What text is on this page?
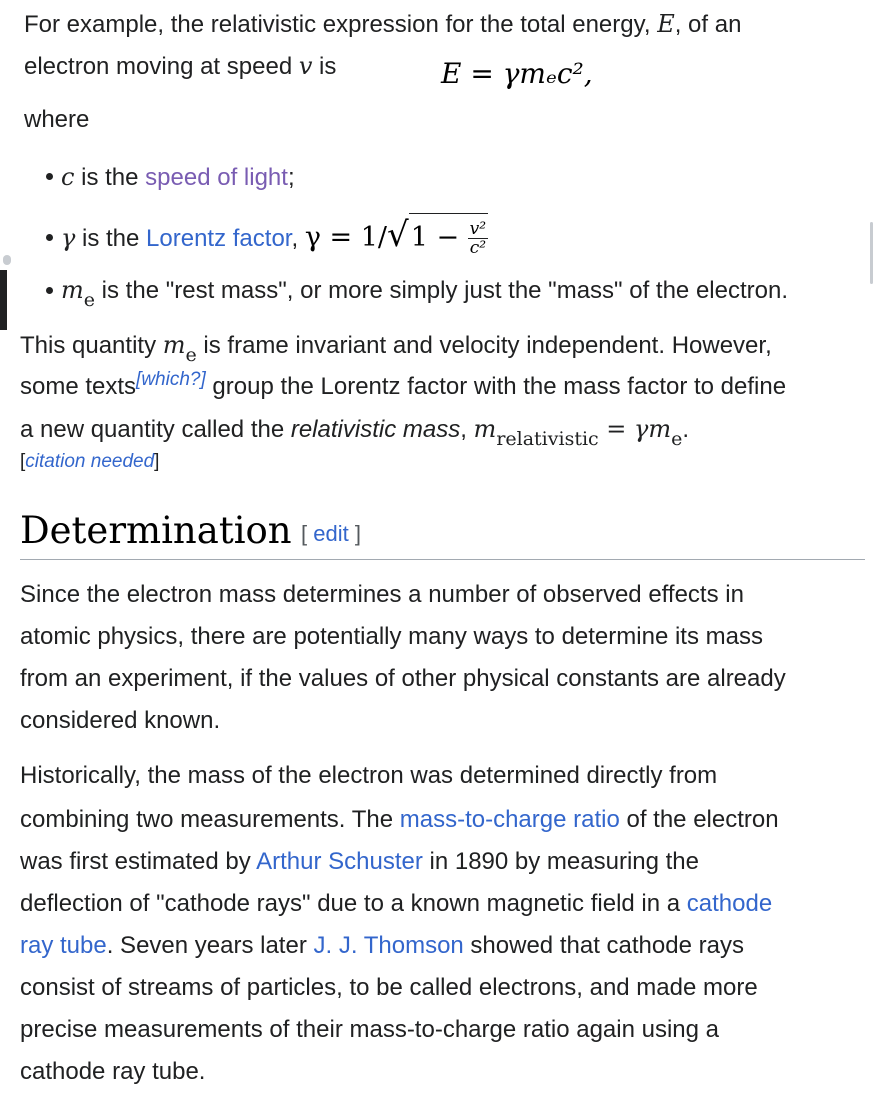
For example, the relativistic expression for the total energy, E, of an
electron moving at speed v is	E = γmₑc²,
where
c is the speed of light;
γ is the Lorentz factor, $\gamma = 1/√1 - \frac{\text{v²}}{\text{c²}}$
$m_e$ is the "rest mass", or more simply just the "mass" of the electron.
This quantity $m_e$ is frame invariant and velocity independent. However,
some texts[which?] group the Lorentz factor with the mass factor to define
a new quantity called the relativistic mass, $m_{relativistic} = \gamma m_e$.
[citation needed]
Determination [ edit ]
Since the electron mass determines a number of observed effects in
atomic physics, there are potentially many ways to determine its mass
from an experiment, if the values of other physical constants are already
considered known.
Historically, the mass of the electron was determined directly from
combining two measurements. The mass-to-charge ratio of the electron
was first estimated by Arthur Schuster in 1890 by measuring the
deflection of "cathode rays" due to a known magnetic field in a cathode
ray tube. Seven years later J. J. Thomson showed that cathode rays
consist of streams of particles, to be called electrons, and made more
precise measurements of their mass-to-charge ratio again using a
cathode ray tube.
